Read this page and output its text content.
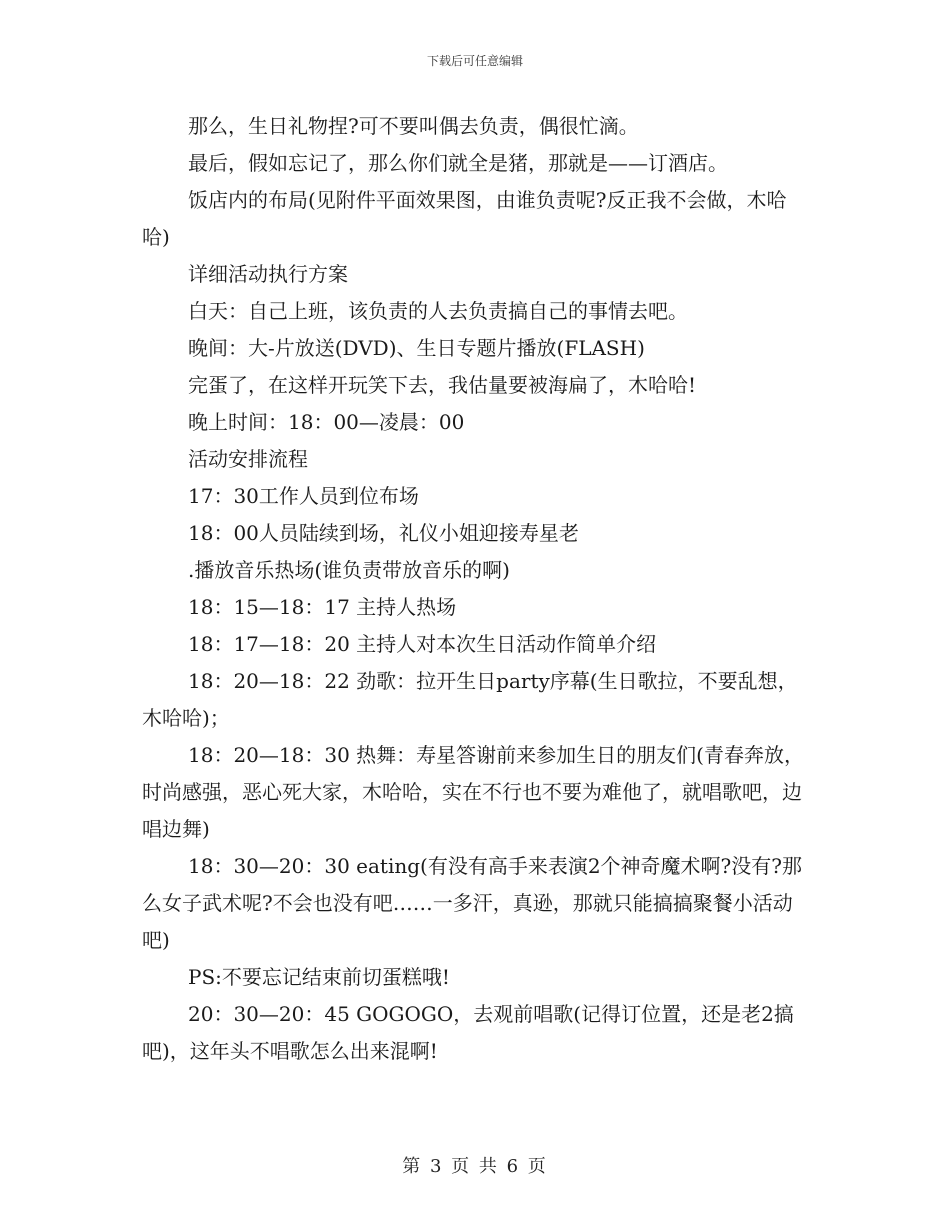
下载后可任意编辑

那么，生日礼物捏?可不要叫偶去负责，偶很忙滴。

最后，假如忘记了，那么你们就全是猪，那就是——订酒店。

饭店内的布局(见附件平面效果图，由谁负责呢?反正我不会做，木哈哈)

详细活动执行方案

白天：自己上班，该负责的人去负责搞自己的事情去吧。

晚间：大-片放送(DVD)、生日专题片播放(FLASH)

完蛋了，在这样开玩笑下去，我估量要被海扁了，木哈哈!

晚上时间：18：00—凌晨：00

活动安排流程

17：30工作人员到位布场

18：00人员陆续到场，礼仪小姐迎接寿星老

.播放音乐热场(谁负责带放音乐的啊)

18：15—18：17 主持人热场

18：17—18：20 主持人对本次生日活动作简单介绍

18：20—18：22 劲歌：拉开生日party序幕(生日歌拉，不要乱想，木哈哈)；

18：20—18：30 热舞：寿星答谢前来参加生日的朋友们(青春奔放，时尚感强，恶心死大家，木哈哈，实在不行也不要为难他了，就唱歌吧，边唱边舞)

18：30—20：30 eating(有没有高手来表演2个神奇魔术啊?没有?那么女子武术呢?不会也没有吧……一多汗，真逊，那就只能搞搞聚餐小活动吧)

PS:不要忘记结束前切蛋糕哦!

20：30—20：45 GOGOGO，去观前唱歌(记得订位置，还是老2搞吧)，这年头不唱歌怎么出来混啊!

第 3 页 共 6 页
